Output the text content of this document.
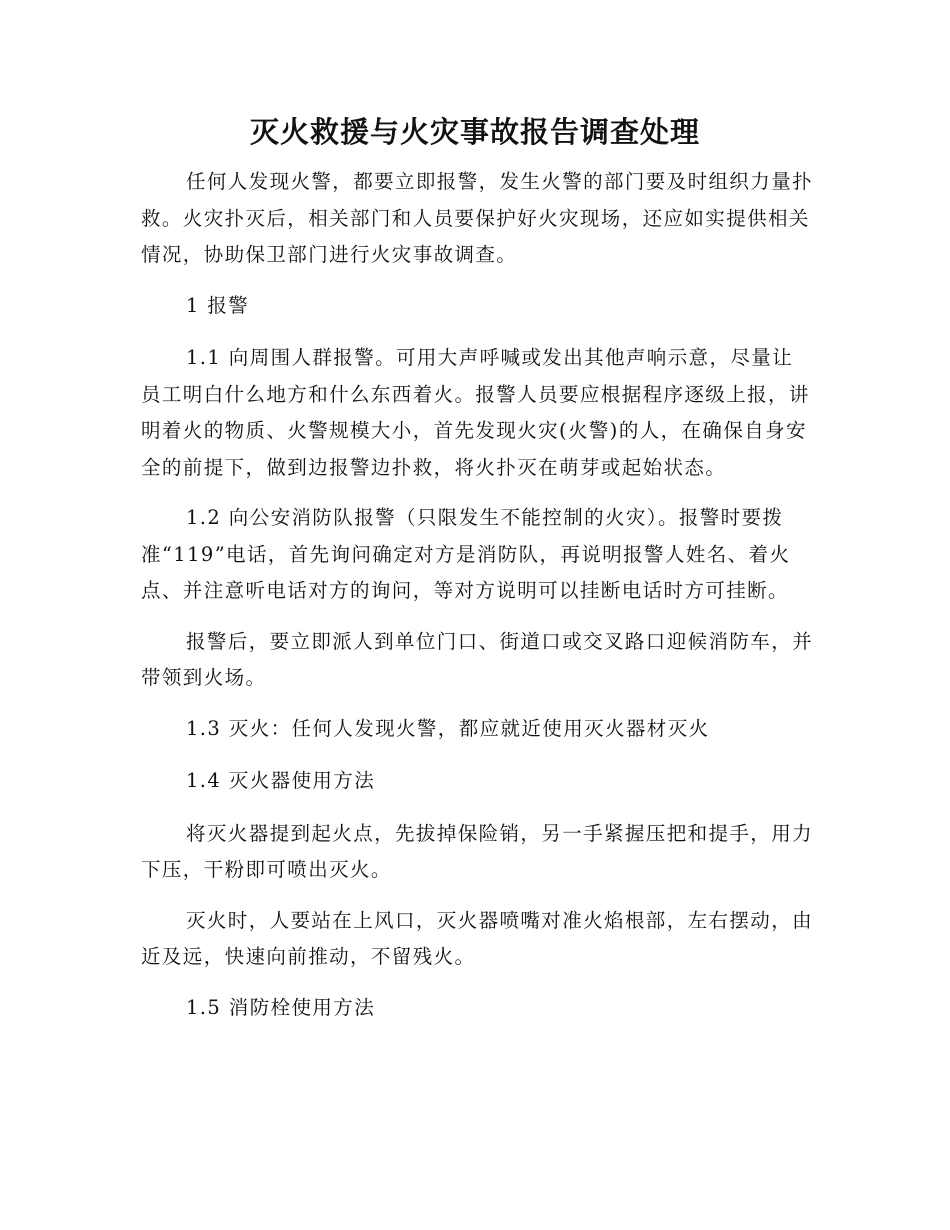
灭火救援与火灾事故报告调查处理

任何人发现火警，都要立即报警，发生火警的部门要及时组织力量扑救。火灾扑灭后，相关部门和人员要保护好火灾现场，还应如实提供相关情况，协助保卫部门进行火灾事故调查。

1 报警

1.1 向周围人群报警。可用大声呼喊或发出其他声响示意，尽量让员工明白什么地方和什么东西着火。报警人员要应根据程序逐级上报，讲明着火的物质、火警规模大小，首先发现火灾(火警)的人，在确保自身安全的前提下，做到边报警边扑救，将火扑灭在萌芽或起始状态。

1.2 向公安消防队报警（只限发生不能控制的火灾）。报警时要拨准“119”电话，首先询问确定对方是消防队，再说明报警人姓名、着火点、并注意听电话对方的询问，等对方说明可以挂断电话时方可挂断。

报警后，要立即派人到单位门口、街道口或交叉路口迎候消防车，并带领到火场。

1.3 灭火：任何人发现火警，都应就近使用灭火器材灭火

1.4 灭火器使用方法

将灭火器提到起火点，先拔掉保险销，另一手紧握压把和提手，用力下压，干粉即可喷出灭火。

灭火时，人要站在上风口，灭火器喷嘴对准火焰根部，左右摆动，由近及远，快速向前推动，不留残火。

1.5 消防栓使用方法
